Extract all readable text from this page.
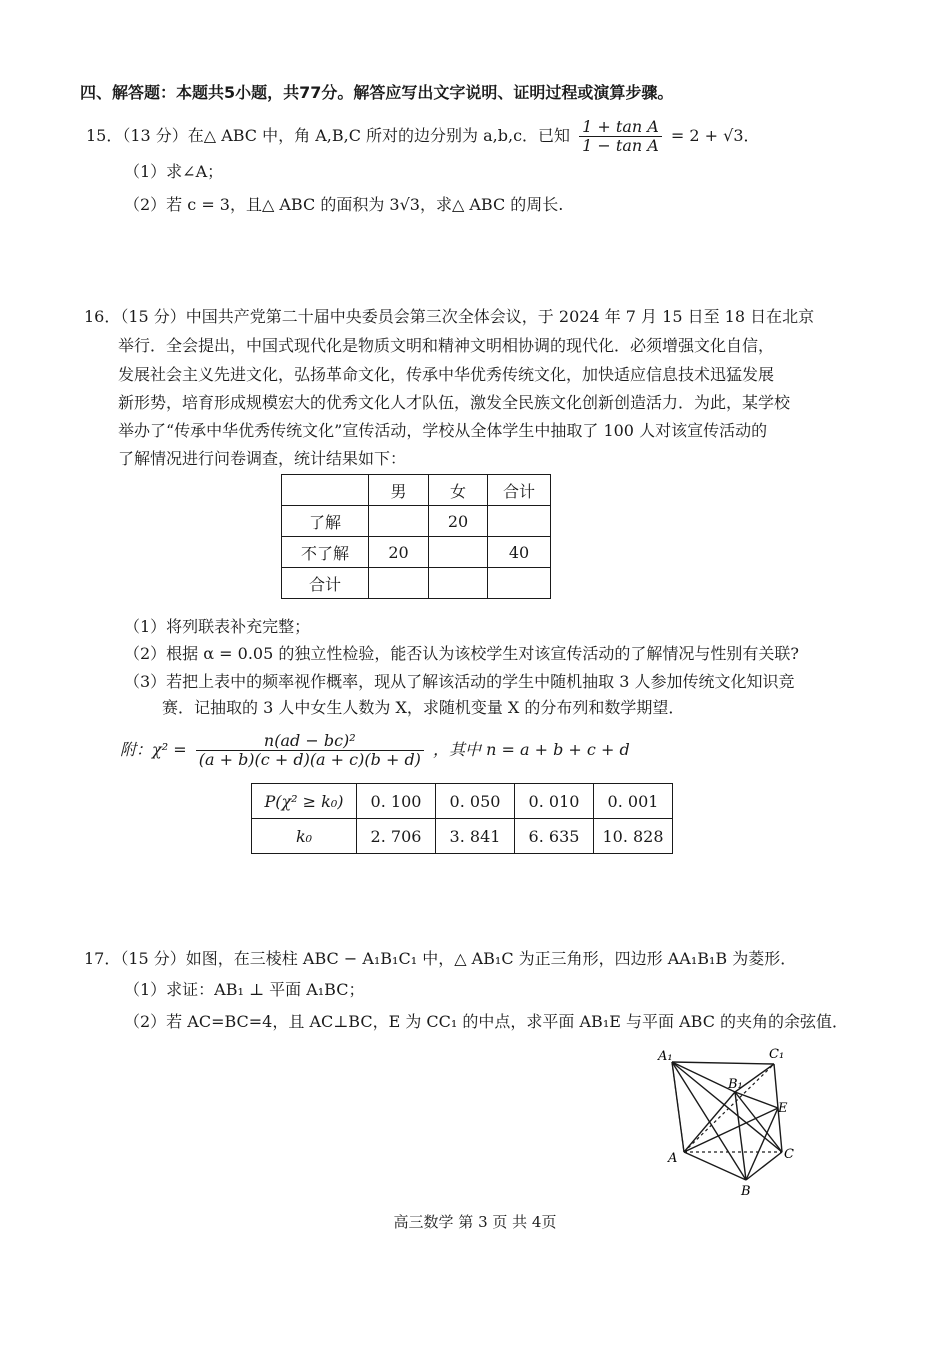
四、解答题：本题共5小题，共77分。解答应写出文字说明、证明过程或演算步骤。
15．（13 分）在△ ABC 中，角 A,B,C 所对的边分别为 a,b,c．已知 $\frac{\text{1 + tan A}}{\text{1 − tan A}} = 2 + √3$．
（1）求∠A；
（2）若 c = 3，且△ ABC 的面积为 3√3，求△ ABC 的周长.
16．（15 分）中国共产党第二十届中央委员会第三次全体会议，于 2024 年 7 月 15 日至 18 日在北京
举行．全会提出，中国式现代化是物质文明和精神文明相协调的现代化．必须增强文化自信，
发展社会主义先进文化，弘扬革命文化，传承中华优秀传统文化，加快适应信息技术迅猛发展
新形势，培育形成规模宏大的优秀文化人才队伍，激发全民族文化创新创造活力．为此，某学校
举办了“传承中华优秀传统文化”宣传活动，学校从全体学生中抽取了 100 人对该宣传活动的
了解情况进行问卷调查，统计结果如下：
	男	女	合计
了解		20	
不了解	20		40
合计			
（1）将列联表补充完整；
（2）根据 α = 0.05 的独立性检验，能否认为该校学生对该宣传活动的了解情况与性别有关联?
（3）若把上表中的频率视作概率，现从了解该活动的学生中随机抽取 3 人参加传统文化知识竞
赛．记抽取的 3 人中女生人数为 X，求随机变量 X 的分布列和数学期望．
附：$\chi^2 = \frac{\text{n(ad − bc)²}}{(a + b)(c + d)(a + c)(b + d)}$ ，其中 n = a + b + c + d
P(χ² ≥ k₀)	0. 100	0. 050	0. 010	0. 001
k₀	2. 706	3. 841	6. 635	10. 828
17．（15 分）如图，在三棱柱 ABC − A₁B₁C₁ 中，△ AB₁C 为正三角形，四边形 AA₁B₁B 为菱形．
（1）求证：AB₁ ⊥ 平面 A₁BC；
（2）若 AC=BC=4，且 AC⊥BC，E 为 CC₁ 的中点，求平面 AB₁E 与平面 ABC 的夹角的余弦值．
A₁	C₁
B₁
E
A	C
B
高三数学 第 3 页 共 4页
